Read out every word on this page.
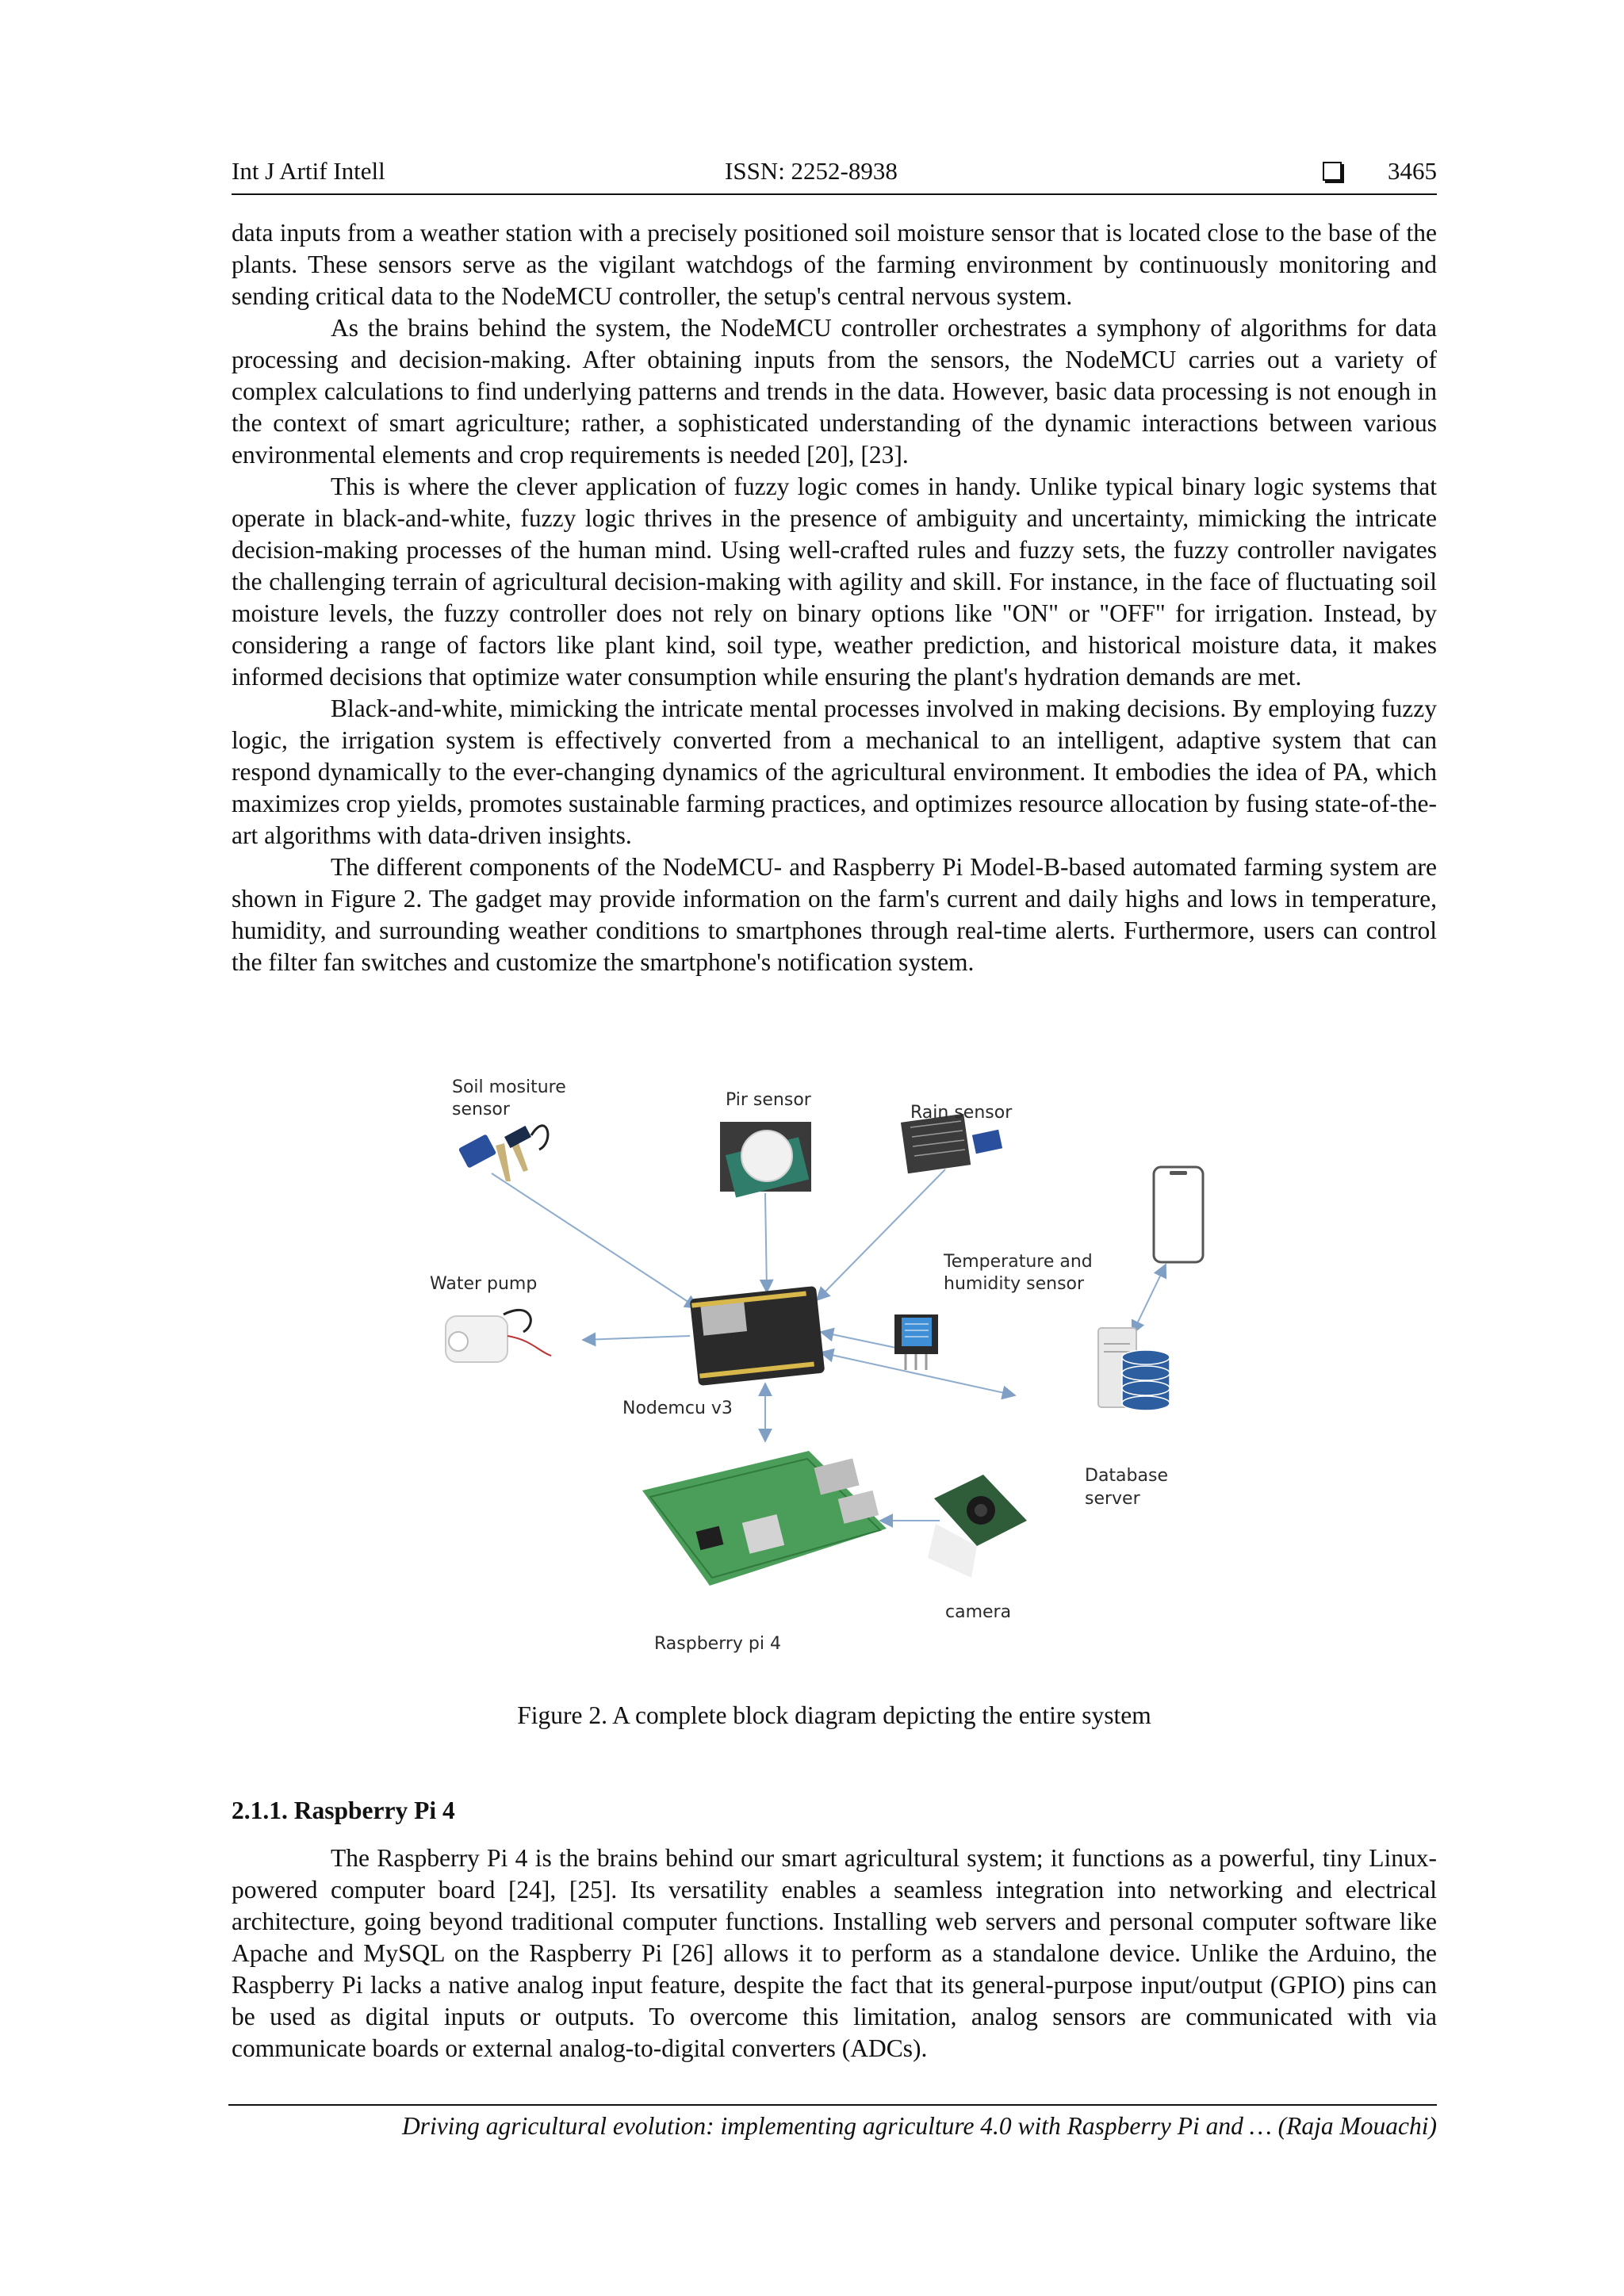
Int J Artif Intell	ISSN: 2252-8938	3465

data inputs from a weather station with a precisely positioned soil moisture sensor that is located close to the base of the plants. These sensors serve as the vigilant watchdogs of the farming environment by continuously monitoring and sending critical data to the NodeMCU controller, the setup's central nervous system.

As the brains behind the system, the NodeMCU controller orchestrates a symphony of algorithms for data processing and decision-making. After obtaining inputs from the sensors, the NodeMCU carries out a variety of complex calculations to find underlying patterns and trends in the data. However, basic data processing is not enough in the context of smart agriculture; rather, a sophisticated understanding of the dynamic interactions between various environmental elements and crop requirements is needed [20], [23].

This is where the clever application of fuzzy logic comes in handy. Unlike typical binary logic systems that operate in black-and-white, fuzzy logic thrives in the presence of ambiguity and uncertainty, mimicking the intricate decision-making processes of the human mind. Using well-crafted rules and fuzzy sets, the fuzzy controller navigates the challenging terrain of agricultural decision-making with agility and skill. For instance, in the face of fluctuating soil moisture levels, the fuzzy controller does not rely on binary options like "ON" or "OFF" for irrigation. Instead, by considering a range of factors like plant kind, soil type, weather prediction, and historical moisture data, it makes informed decisions that optimize water consumption while ensuring the plant's hydration demands are met.

Black-and-white, mimicking the intricate mental processes involved in making decisions. By employing fuzzy logic, the irrigation system is effectively converted from a mechanical to an intelligent, adaptive system that can respond dynamically to the ever-changing dynamics of the agricultural environment. It embodies the idea of PA, which maximizes crop yields, promotes sustainable farming practices, and optimizes resource allocation by fusing state-of-the-art algorithms with data-driven insights.

The different components of the NodeMCU- and Raspberry Pi Model-B-based automated farming system are shown in Figure 2. The gadget may provide information on the farm's current and daily highs and lows in temperature, humidity, and surrounding weather conditions to smartphones through real-time alerts. Furthermore, users can control the filter fan switches and customize the smartphone's notification system.

Soil mositure
sensor	Pir sensor
Rain sensor
Water pump
Nodemcu v3
Temperature and
humidity sensor
Database
server
Raspberry pi 4
camera
Figure 2. A complete block diagram depicting the entire system
2.1.1. Raspberry Pi 4

The Raspberry Pi 4 is the brains behind our smart agricultural system; it functions as a powerful, tiny Linux-powered computer board [24], [25]. Its versatility enables a seamless integration into networking and electrical architecture, going beyond traditional computer functions. Installing web servers and personal computer software like Apache and MySQL on the Raspberry Pi [26] allows it to perform as a standalone device. Unlike the Arduino, the Raspberry Pi lacks a native analog input feature, despite the fact that its general-purpose input/output (GPIO) pins can be used as digital inputs or outputs. To overcome this limitation, analog sensors are communicated with via communicate boards or external analog-to-digital converters (ADCs).

Driving agricultural evolution: implementing agriculture 4.0 with Raspberry Pi and … (Raja Mouachi)
